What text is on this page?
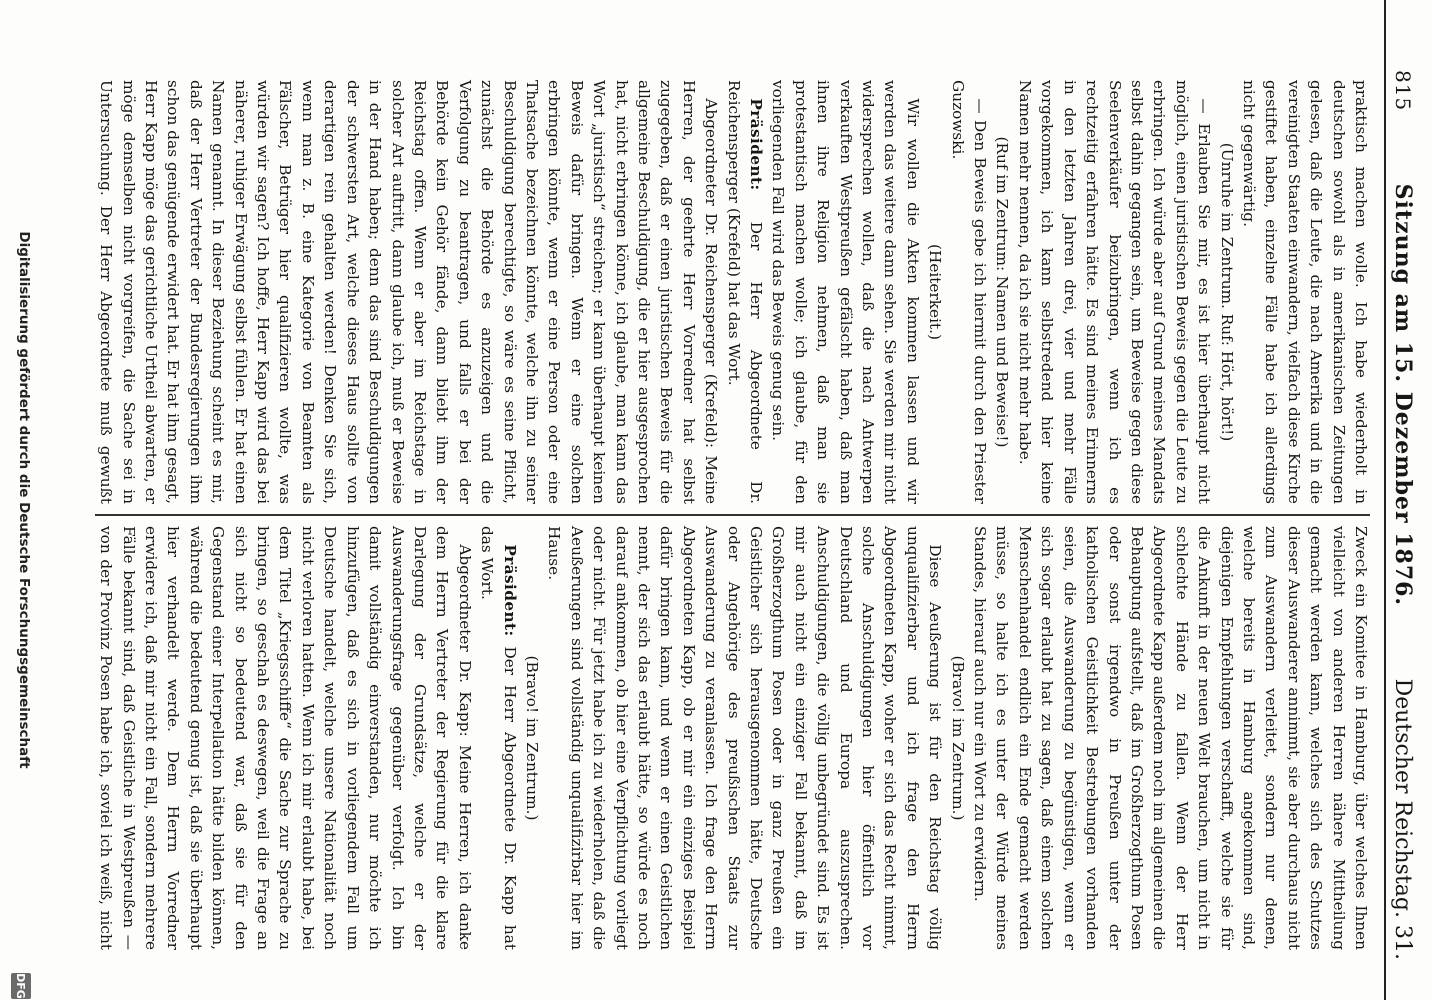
815
Sitzung am 15. Dezember 1876.
Deutscher Reichstag. 31.

praktisch machen wolle. Ich habe wiederholt in deutschen sowohl als in amerikanischen Zeitungen gelesen, daß die Leute, die nach Amerika und in die vereinigten Staaten einwandern, vielfach diese Kirche gestiftet haben, einzelne Fälle habe ich allerdings nicht gegenwärtig.

(Unruhe im Zentrum. Ruf: Hört, hört!)

— Erlauben Sie mir, es ist hier überhaupt nicht möglich, einen juristischen Beweis gegen die Leute zu erbringen. Ich würde aber auf Grund meines Mandats selbst dahin gegangen sein, um Beweise gegen diese Seelenverkäufer beizubringen, wenn ich es rechtzeitig erfahren hätte. Es sind meines Erinnerns in den letzten Jahren drei, vier und mehr Fälle vorgekommen, ich kann selbstredend hier keine Namen mehr nennen, da ich sie nicht mehr habe.

(Ruf im Zentrum: Namen und Beweise!)

— Den Beweis gebe ich hiermit durch den Priester Guzowski.

(Heiterkeit.)

Wir wollen die Akten kommen lassen und wir werden das weitere dann sehen. Sie werden mir nicht widersprechen wollen, daß die nach Antwerpen verkauften Westpreußen gefälscht haben, daß man ihnen ihre Religion nehmen, daß man sie protestantisch machen wolle; ich glaube, für den vorliegenden Fall wird das Beweis genug sein.

Präsident: Der Herr Abgeordnete Dr. Reichensperger (Krefeld) hat das Wort.

Abgeordneter Dr. Reichensperger (Krefeld): Meine Herren, der geehrte Herr Vorredner hat selbst zugegeben, daß er einen juristischen Beweis für die allgemeine Beschuldigung, die er hier ausgesprochen hat, nicht erbringen könne, ich glaube, man kann das Wort „juristisch“ streichen; er kann überhaupt keinen Beweis dafür bringen. Wenn er eine solchen erbringen könnte, wenn er eine Person oder eine Thatsache bezeichnen könnte, welche ihn zu seiner Beschuldigung berechtigte, so wäre es seine Pflicht, zunächst die Behörde es anzuzeigen und die Verfolgung zu beantragen, und falls er bei der Behörde kein Gehör fände, dann bliebt ihm der Reichstag offen. Wenn er aber im Reichstage in solcher Art auftritt, dann glaube ich, muß er Beweise in der Hand haben; denn das sind Beschuldigungen der schwersten Art, welche dieses Haus sollte von derartigen rein gehalten werden! Denken Sie sich, wenn man z. B. eine Kategorie von Beamten als Fälscher, Betrüger hier qualifizieren wollte, was würden wir sagen? Ich hoffe, Herr Kapp wird das bei näherer, ruhiger Erwägung selbst fühlen. Er hat einen Namen genannt. In dieser Beziehung scheint es mir, daß der Herr Vertreter der Bundesregierungen ihm schon das genügende erwidert hat. Er hat ihm gesagt, Herr Kapp möge das gerichtliche Urtheil abwarten, er möge demselben nicht vorgreifen, die Sache sei in Untersuchung. Der Herr Abgeordnete muß gewußt

Zweck ein Komitee in Hamburg, über welches Ihnen vielleicht von anderen Herren nähere Mittheilung gemacht werden kann, welches sich des Schutzes dieser Auswanderer annimmt, sie aber durchaus nicht zum Auswandern verleitet, sondern nur denen, welche bereits in Hamburg angekommen sind, diejenigen Empfehlungen verschafft, welche sie für die Ankunft in der neuen Welt brauchen, um nicht in schlechte Hände zu fallen. Wenn der Herr Abgeordnete Kapp außerdem noch im allgemeinen die Behauptung aufstellt, daß im Großherzogthum Posen oder sonst irgendwo in Preußen unter der katholischen Geistlichkeit Bestrebungen vorhanden seien, die Auswanderung zu begünstigen, wenn er sich sogar erlaubt hat zu sagen, daß einem solchen Menschenhandel endlich ein Ende gemacht werden müsse, so halte ich es unter der Würde meines Standes, hierauf auch nur ein Wort zu erwidern.

(Bravo! im Zentrum.)

Diese Aeußerung ist für den Reichstag völlig unqualifizierbar und ich frage den Herrn Abgeordneten Kapp, woher er sich das Recht nimmt, solche Anschuldigungen hier öffentlich vor Deutschland und Europa auszusprechen. Anschuldigungen, die völlig unbegründet sind. Es ist mir auch nicht ein einziger Fall bekannt, daß im Großherzogthum Posen oder in ganz Preußen ein Geistlicher sich herausgenommen hätte, Deutsche oder Angehörige des preußischen Staats zur Auswanderung zu veranlassen. Ich frage den Herrn Abgeordneten Kapp, ob er mir ein einziges Beispiel dafür bringen kann, und wenn er einen Geistlichen nennt, der sich das erlaubt hätte, so würde es noch darauf ankommen, ob hier eine Verpflichtung vorliegt oder nicht. Für jetzt habe ich zu wiederholen, daß die Aeußerungen sind vollständig unqualifizirbar hier im Hause.

(Bravo! im Zentrum.)

Präsident: Der Herr Abgeordnete Dr. Kapp hat das Wort.

Abgeordneter Dr. Kapp: Meine Herren, ich danke dem Herrn Vertreter der Regierung für die klare Darlegung der Grundsätze, welche er der Auswanderungsfrage gegenüber verfolgt. Ich bin damit vollständig einverstanden, nur möchte ich hinzufügen, daß es sich in vorliegendem Fall um Deutsche handelt, welche unsere Nationalität noch nicht verloren hatten. Wenn ich mir erlaubt habe, bei dem Titel „Kriegsschiffe“ die Sache zur Sprache zu bringen, so geschah es deswegen, weil die Frage an sich nicht so bedeutend war, daß sie für den Gegenstand einer Interpellation hätte bilden können, während die bedeutend genug ist, daß sie überhaupt hier verhandelt werde. Dem Herrn Vorredner erwidere ich, daß mir nicht ein Fall, sondern mehrere Fälle bekannt sind, daß Geistliche in Westpreußen — von der Provinz Posen habe ich, soviel ich weiß, nicht

Digitalisierung gefördert durch die Deutsche Forschungsgemeinschaft
DFG
